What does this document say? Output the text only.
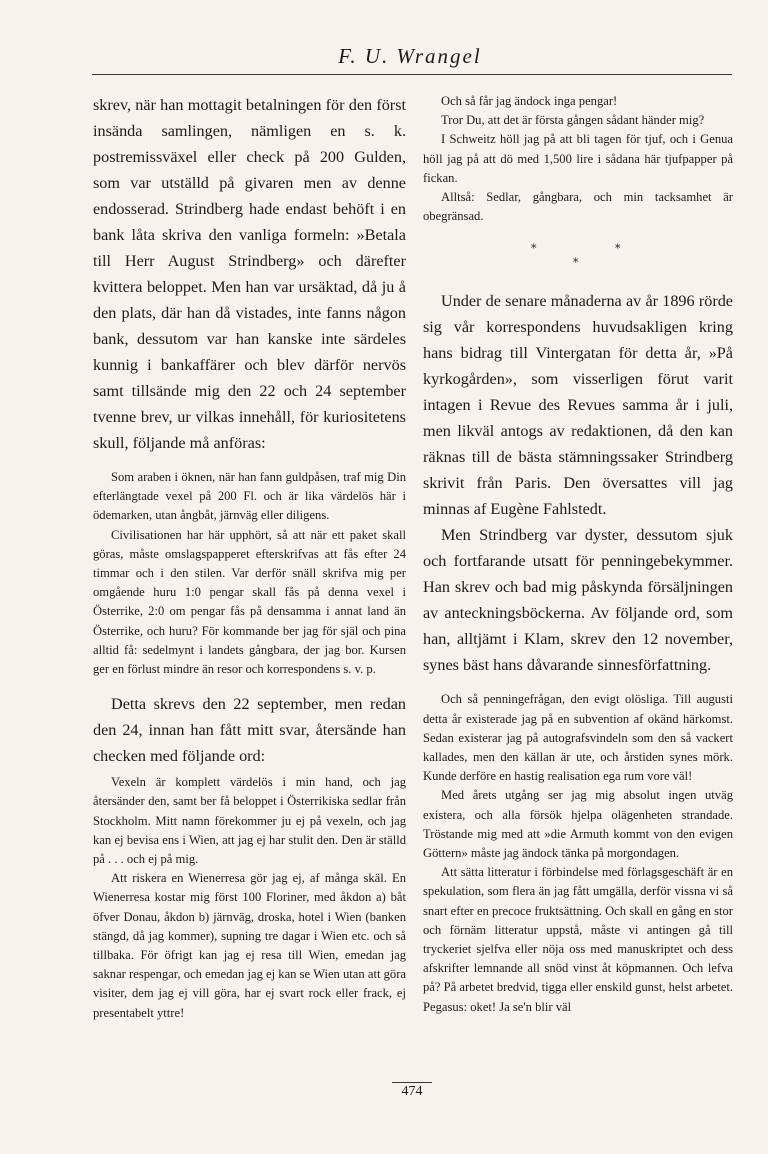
F. U. Wrangel

skrev, när han mottagit betalningen för den först insända samlingen, nämligen en s. k. postremissväxel eller check på 200 Gulden, som var utställd på givaren men av denne endosserad. Strindberg hade endast behöft i en bank låta skriva den vanliga formeln: »Betala till Herr August Strindberg» och därefter kvittera beloppet. Men han var ursäktad, då ju å den plats, där han då vistades, inte fanns någon bank, dessutom var han kanske inte särdeles kunnig i bankaffärer och blev därför nervös samt tillsände mig den 22 och 24 september tvenne brev, ur vilkas innehåll, för kuriositetens skull, följande må anföras:

Som araben i öknen, när han fann guldpåsen, traf mig Din efterlängtade vexel på 200 Fl. och är lika värdelös här i ödemarken, utan ångbåt, järnväg eller diligens.

Civilisationen har här upphört, så att när ett paket skall göras, måste omslagspapperet efterskrifvas att fås efter 24 timmar och i den stilen. Var derför snäll skrifva mig per omgående huru 1:0 pengar skall fås på denna vexel i Österrike, 2:0 om pengar fås på densamma i annat land än Österrike, och huru? För kommande ber jag för själ och pina alltid få: sedelmynt i landets gångbara, der jag bor. Kursen ger en förlust mindre än resor och korrespondens s. v. p.

Detta skrevs den 22 september, men redan den 24, innan han fått mitt svar, återsände han checken med följande ord:

Vexeln är komplett värdelös i min hand, och jag återsänder den, samt ber få beloppet i Österrikiska sedlar från Stockholm. Mitt namn förekommer ju ej på vexeln, och jag kan ej bevisa ens i Wien, att jag ej har stulit den. Den är ställd på . . . och ej på mig.

Att riskera en Wienerresa gör jag ej, af många skäl. En Wienerresa kostar mig först 100 Floriner, med åkdon a) båt öfver Donau, åkdon b) järnväg, droska, hotel i Wien (banken stängd, då jag kommer), supning tre dagar i Wien etc. och så tillbaka. För öfrigt kan jag ej resa till Wien, emedan jag saknar respengar, och emedan jag ej kan se Wien utan att göra visiter, dem jag ej vill göra, har ej svart rock eller frack, ej presentabelt yttre!

Och så får jag ändock inga pengar!

Tror Du, att det är första gången sådant händer mig?

I Schweitz höll jag på att bli tagen för tjuf, och i Genua höll jag på att dö med 1,500 lire i sådana här tjufpapper på fickan.

Alltså: Sedlar, gångbara, och min tacksamhet är obegränsad.

*	*
*

Under de senare månaderna av år 1896 rörde sig vår korrespondens huvudsakligen kring hans bidrag till Vintergatan för detta år, »På kyrkogården», som visserligen förut varit intagen i Revue des Revues samma år i juli, men likväl antogs av redaktionen, då den kan räknas till de bästa stämningssaker Strindberg skrivit från Paris. Den översattes vill jag minnas af Eugène Fahlstedt.

Men Strindberg var dyster, dessutom sjuk och fortfarande utsatt för penningebekymmer. Han skrev och bad mig påskynda försäljningen av anteckningsböckerna. Av följande ord, som han, alltjämt i Klam, skrev den 12 november, synes bäst hans dåvarande sinnesförfattning.

Och så penningefrågan, den evigt olösliga. Till augusti detta år existerade jag på en subvention af okänd härkomst. Sedan existerar jag på autografsvindeln som den så vackert kallades, men den källan är ute, och årstiden synes mörk. Kunde derföre en hastig realisation ega rum vore väl!

Med årets utgång ser jag mig absolut ingen utväg existera, och alla försök hjelpa olägenheten strandade. Tröstande mig med att »die Armuth kommt von den evigen Göttern» måste jag ändock tänka på morgondagen.

Att sätta litteratur i förbindelse med förlagsgeschäft är en spekulation, som flera än jag fått umgälla, derför vissna vi så snart efter en precoce fruktsättning. Och skall en gång en stor och förnäm litteratur uppstå, måste vi antingen gå till tryckeriet sjelfva eller nöja oss med manuskriptet och dess afskrifter lemnande all snöd vinst åt köpmannen. Och lefva på? På arbetet bredvid, tigga eller enskild gunst, helst arbetet. Pegasus: oket! Ja se'n blir väl

474
